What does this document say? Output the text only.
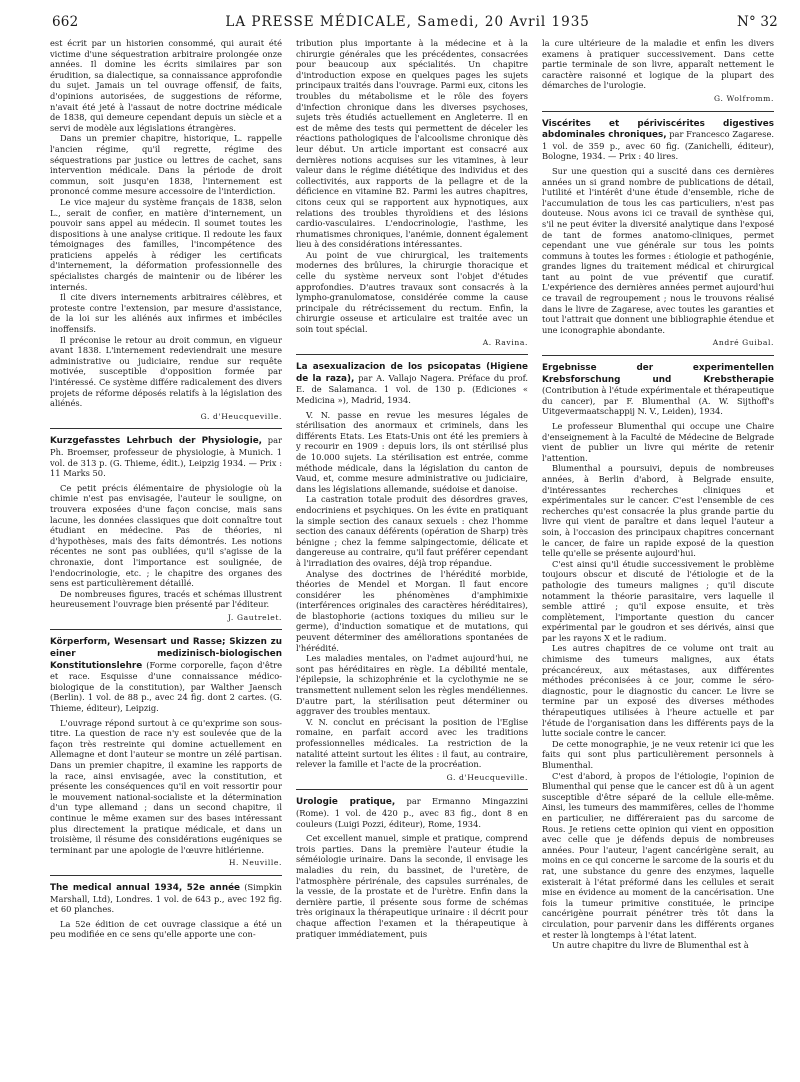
662	LA PRESSE MÉDICALE, Samedi, 20 Avril 1935	N° 32

est écrit par un historien consommé, qui aurait été victime d'une séquestration arbitraire prolongée onze années. Il domine les écrits similaires par son érudition, sa dialectique, sa connaissance approfondie du sujet. Jamais un tel ouvrage offensif, de faits, d'opinions autorisées, de suggestions de réforme, n'avait été jeté à l'assaut de notre doctrine médicale de 1838, qui demeure cependant depuis un siècle et a servi de modèle aux législations étrangères.

Dans un premier chapitre, historique, L. rappelle l'ancien régime, qu'il regrette, régime des séquestrations par justice ou lettres de cachet, sans intervention médicale. Dans la période de droit commun, soit jusqu'en 1838, l'internement est prononcé comme mesure accessoire de l'interdiction.

Le vice majeur du système français de 1838, selon L., serait de confier, en matière d'internement, un pouvoir sans appel au médecin. Il soumet toutes les dispositions à une analyse critique. Il redoute les faux témoignages des familles, l'incompétence des praticiens appelés à rédiger les certificats d'internement, la déformation professionnelle des spécialistes chargés de maintenir ou de libérer les internés.

Il cite divers internements arbitraires célèbres, et proteste contre l'extension, par mesure d'assistance, de la loi sur les aliénés aux infirmes et imbéciles inoffensifs.

Il préconise le retour au droit commun, en vigueur avant 1838. L'internement redeviendrait une mesure administrative ou judiciaire, rendue sur requête motivée, susceptible d'opposition formée par l'intéressé. Ce système différe radicalement des divers projets de réforme déposés relatifs à la législation des aliénés.

G. d'Heucqueville.
Kurzgefasstes Lehrbuch der Physiologie, par Ph. Broemser, professeur de physiologie, à Munich. 1 vol. de 313 p. (G. Thieme, édit.), Leipzig 1934. — Prix : 11 Marks 50.

Ce petit précis élémentaire de physiologie où la chimie n'est pas envisagée, l'auteur le souligne, on trouvera exposées d'une façon concise, mais sans lacune, les données classiques que doit connaître tout étudiant en médecine. Pas de théories, ni d'hypothèses, mais des faits démontrés. Les notions récentes ne sont pas oubliées, qu'il s'agisse de la chronaxie, dont l'importance est soulignée, de l'endocrinologie, etc. ; le chapitre des organes des sens est particulièrement détaillé.

De nombreuses figures, tracés et schémas illustrent heureusement l'ouvrage bien présenté par l'éditeur.

J. Gautrelet.
Körperform, Wesensart und Rasse; Skizzen zu einer medizinisch-biologischen Konstitutionslehre (Forme corporelle, façon d'être et race. Esquisse d'une connaissance médico-biologique de la constitution), par Walther Jaensch (Berlin). 1 vol. de 88 p., avec 24 fig. dont 2 cartes. (G. Thieme, éditeur), Leipzig.

L'ouvrage répond surtout à ce qu'exprime son sous-titre. La question de race n'y est soulevée que de la façon très restreinte qui domine actuellement en Allemagne et dont l'auteur se montre un zélé partisan. Dans un premier chapitre, il examine les rapports de la race, ainsi envisagée, avec la constitution, et présente les conséquences qu'il en voit ressortir pour le mouvement national-socialiste et la détermination d'un type allemand ; dans un second chapitre, il continue le même examen sur des bases intéressant plus directement la pratique médicale, et dans un troisième, il résume des considérations eugéniques se terminant par une apologie de l'œuvre hitlérienne.

H. Neuville.
The medical annual 1934, 52e année (Simpkin Marshall, Ltd), Londres. 1 vol. de 643 p., avec 192 fig. et 60 planches.

La 52e édition de cet ouvrage classique a été un peu modifiée en ce sens qu'elle apporte une con-

tribution plus importante à la médecine et à la chirurgie générales que les précédentes, consacrées pour beaucoup aux spécialités. Un chapitre d'introduction expose en quelques pages les sujets principaux traités dans l'ouvrage. Parmi eux, citons les troubles du métabolisme et le rôle des foyers d'infection chronique dans les diverses psychoses, sujets très étudiés actuellement en Angleterre. Il en est de même des tests qui permettent de déceler les réactions pathologiques de l'alcoolisme chronique dès leur début. Un article important est consacré aux dernières notions acquises sur les vitamines, à leur valeur dans le régime diététique des individus et des collectivités, aux rapports de la pellagre et de la déficience en vitamine B2. Parmi les autres chapitres, citons ceux qui se rapportent aux hypnotiques, aux relations des troubles thyroïdiens et des lésions cardio-vasculaires. L'endocrinologie, l'asthme, les rhumatismes chroniques, l'anémie, donnent également lieu à des considérations intéressantes.

Au point de vue chirurgical, les traitements modernes des brûlures, la chirurgie thoracique et celle du système nerveux sont l'objet d'études approfondies. D'autres travaux sont consacrés à la lympho-granulomatose, considérée comme la cause principale du rétrécissement du rectum. Enfin, la chirurgie osseuse et articulaire est traitée avec un soin tout spécial.

A. Ravina.
La asexualizacion de los psicopatas (Higiene de la raza), par A. Vallajo Nagera. Préface du prof. E. de Salamanca. 1 vol. de 130 p. (Ediciones « Medicina »), Madrid, 1934.

V. N. passe en revue les mesures légales de stérilisation des anormaux et criminels, dans les différents Etats. Les Etats-Unis ont été les premiers à y recourir en 1909 : depuis lors, ils ont stérilisé plus de 10.000 sujets. La stérilisation est entrée, comme méthode médicale, dans la législation du canton de Vaud, et, comme mesure administrative ou judiciaire, dans les législations allemande, suédoise et danoise.

La castration totale produit des désordres graves, endocriniens et psychiques. On les évite en pratiquant la simple section des canaux sexuels : chez l'homme section des canaux déférents (opération de Sharp) très bénigne ; chez la femme salpingectomie, délicate et dangereuse au contraire, qu'il faut préférer cependant à l'irradiation des ovaires, déjà trop répandue.

Analyse des doctrines de l'hérédité morbide, théories de Mendel et Morgan. Il faut encore considérer les phénomènes d'amphimixie (interférences originales des caractères héréditaires), de blastophorie (actions toxiques du milieu sur le germe), d'induction somatique et de mutations, qui peuvent déterminer des améliorations spontanées de l'hérédité.

Les maladies mentales, on l'admet aujourd'hui, ne sont pas héréditaires en règle. La débilité mentale, l'épilepsie, la schizophrénie et la cyclothymie ne se transmettent nullement selon les règles mendéliennes. D'autre part, la stérilisation peut déterminer ou aggraver des troubles mentaux.

V. N. conclut en précisant la position de l'Eglise romaine, en parfait accord avec les traditions professionnelles médicales. La restriction de la natalité atteint surtout les élites : il faut, au contraire, relever la famille et l'acte de la procréation.

G. d'Heucqueville.
Urologie pratique, par Ermanno Mingazzini (Rome). 1 vol. de 420 p., avec 83 fig., dont 8 en couleurs (Luigi Pozzi, éditeur), Rome, 1934.

Cet excellent manuel, simple et pratique, comprend trois parties. Dans la première l'auteur étudie la séméiologie urinaire. Dans la seconde, il envisage les maladies du rein, du bassinet, de l'uretère, de l'atmosphère périrénale, des capsules surrénales, de la vessie, de la prostate et de l'urètre. Enfin dans la dernière partie, il présente sous forme de schémas très originaux la thérapeutique urinaire : il décrit pour chaque affection l'examen et la thérapeutique à pratiquer immédiatement, puis

la cure ultérieure de la maladie et enfin les divers examens à pratiquer successivement. Dans cette partie terminale de son livre, apparaît nettement le caractère raisonné et logique de la plupart des démarches de l'urologie.

G. Wolfromm.
Viscérites et périviscérites digestives abdominales chroniques, par Francesco Zagarese. 1 vol. de 359 p., avec 60 fig. (Zanichelli, éditeur), Bologne, 1934. — Prix : 40 lires.

Sur une question qui a suscité dans ces dernières années un si grand nombre de publications de détail, l'utilité et l'intérêt d'une étude d'ensemble, riche de l'accumulation de tous les cas particuliers, n'est pas douteuse. Nous avons ici ce travail de synthèse qui, s'il ne peut éviter la diversité analytique dans l'exposé de tant de formes anatomo-cliniques, permet cependant une vue générale sur tous les points communs à toutes les formes : étiologie et pathogénie, grandes lignes du traitement médical et chirurgical tant au point de vue préventif que curatif. L'expérience des dernières années permet aujourd'hui ce travail de regroupement ; nous le trouvons réalisé dans le livre de Zagarese, avec toutes les garanties et tout l'attrait que donnent une bibliographie étendue et une iconographie abondante.

André Guibal.
Ergebnisse der experimentellen Krebsforschung und Krebstherapie (Contribution à l'étude expérimentale et thérapeutique du cancer), par F. Blumenthal (A. W. Sijthoff's Uitgevermaatschappij N. V., Leiden), 1934.

Le professeur Blumenthal qui occupe une Chaire d'enseignement à la Faculté de Médecine de Belgrade vient de publier un livre qui mérite de retenir l'attention.

Blumenthal a poursuivi, depuis de nombreuses années, à Berlin d'abord, à Belgrade ensuite, d'intéressantes recherches cliniques et expérimentales sur le cancer. C'est l'ensemble de ces recherches qu'est consacrée la plus grande partie du livre qui vient de paraître et dans lequel l'auteur a soin, à l'occasion des principaux chapitres concernant le cancer, de faire un rapide exposé de la question telle qu'elle se présente aujourd'hui.

C'est ainsi qu'il étudie successivement le problème toujours obscur et discuté de l'étiologie et de la pathologie des tumeurs malignes ; qu'il discute notamment la théorie parasitaire, vers laquelle il semble attiré ; qu'il expose ensuite, et très complètement, l'importante question du cancer expérimental par le goudron et ses dérivés, ainsi que par les rayons X et le radium.

Les autres chapitres de ce volume ont trait au chimisme des tumeurs malignes, aux états précancéreux, aux métastases, aux différentes méthodes préconisées à ce jour, comme le séro-diagnostic, pour le diagnostic du cancer. Le livre se termine par un exposé des diverses méthodes thérapeutiques utilisées à l'heure actuelle et par l'étude de l'organisation dans les différents pays de la lutte sociale contre le cancer.

De cette monographie, je ne veux retenir ici que les faits qui sont plus particulièrement personnels à Blumenthal.

C'est d'abord, à propos de l'étiologie, l'opinion de Blumenthal qui pense que le cancer est dû à un agent susceptible d'être séparé de la cellule elle-même. Ainsi, les tumeurs des mammifères, celles de l'homme en particulier, ne différeraient pas du sarcome de Rous. Je retiens cette opinion qui vient en opposition avec celle que je défends depuis de nombreuses années. Pour l'auteur, l'agent cancérigène serait, au moins en ce qui concerne le sarcome de la souris et du rat, une substance du genre des enzymes, laquelle existerait à l'état préformé dans les cellules et serait mise en évidence au moment de la cancérisation. Une fois la tumeur primitive constituée, le principe cancérigène pourrait pénétrer très tôt dans la circulation, pour parvenir dans les différents organes et rester là longtemps à l'état latent.

Un autre chapitre du livre de Blumenthal est à
